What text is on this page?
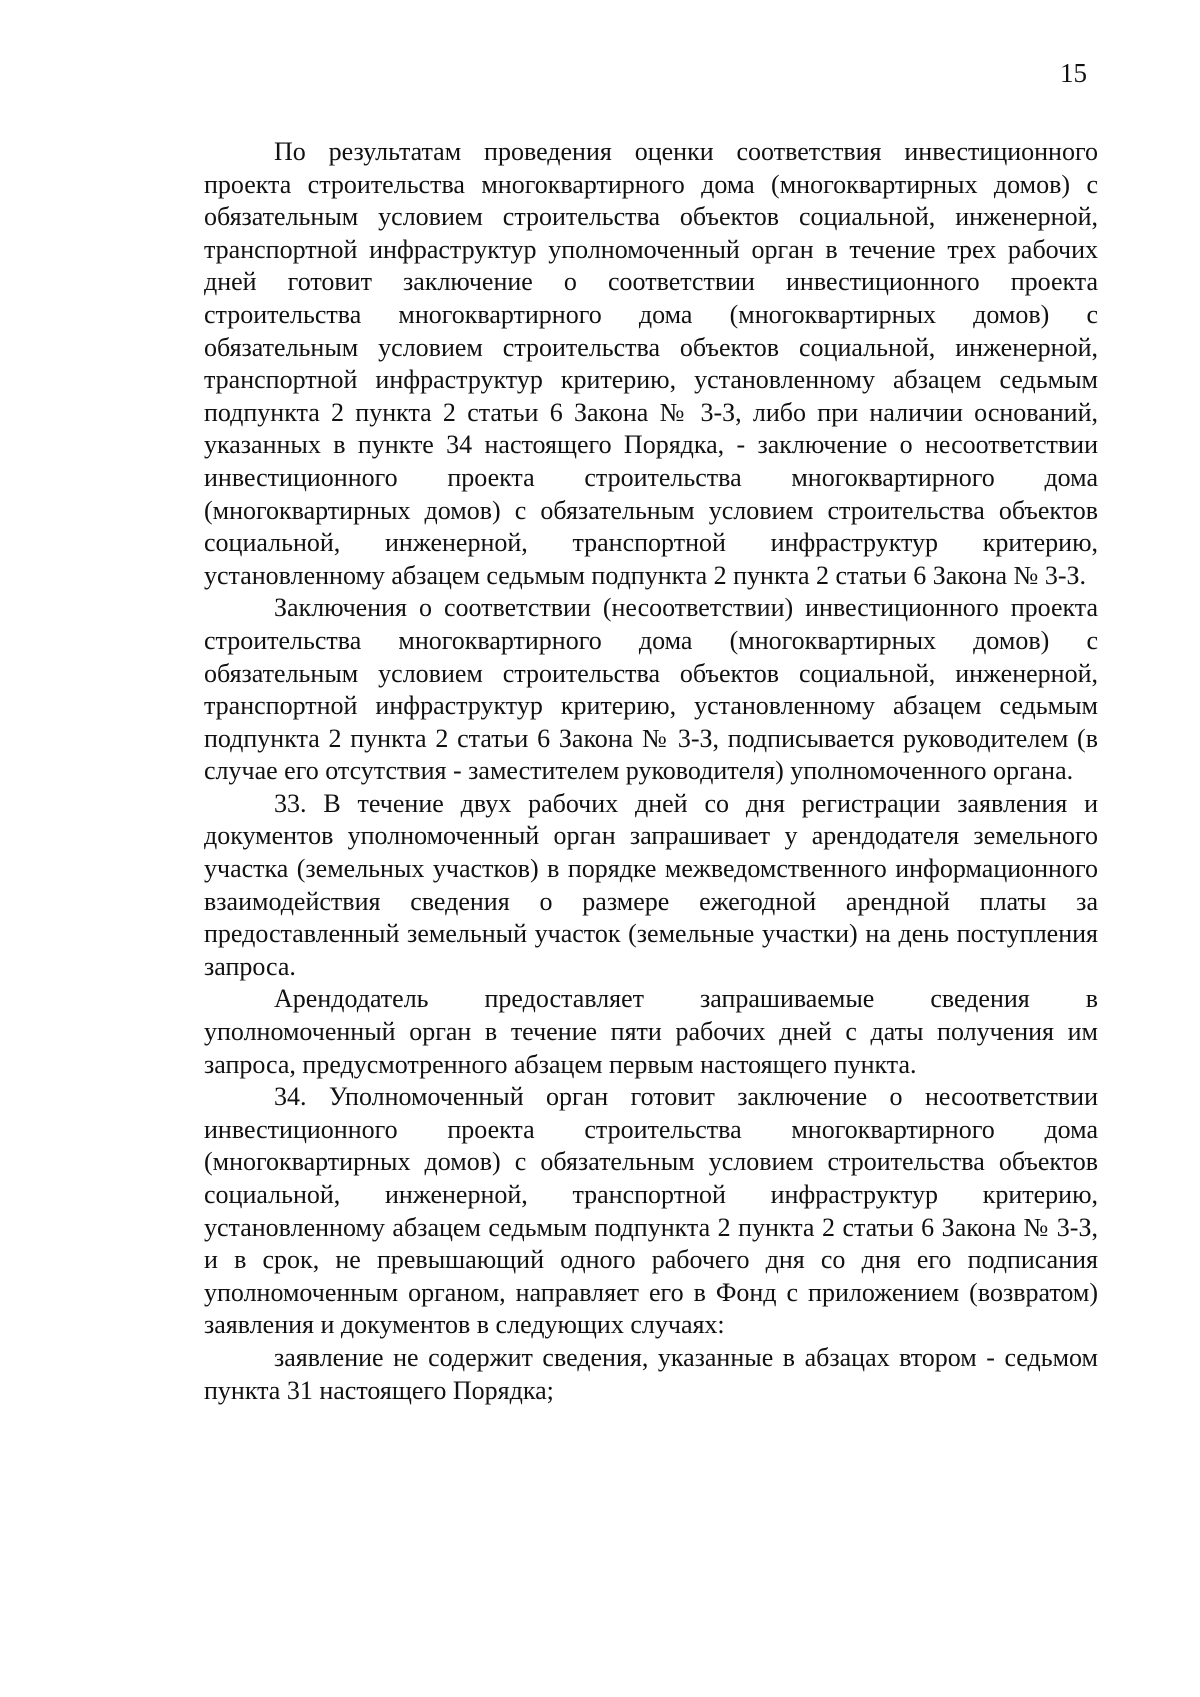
15

По результатам проведения оценки соответствия инвестиционного проекта строительства многоквартирного дома (многоквартирных домов) с обязательным условием строительства объектов социальной, инженерной, транспортной инфраструктур уполномоченный орган в течение трех рабочих дней готовит заключение о соответствии инвестиционного проекта строительства многоквартирного дома (многоквартирных домов) с обязательным условием строительства объектов социальной, инженерной, транспортной инфраструктур критерию, установленному абзацем седьмым подпункта 2 пункта 2 статьи 6 Закона № 3-З, либо при наличии оснований, указанных в пункте 34 настоящего Порядка, - заключение о несоответствии инвестиционного проекта строительства многоквартирного дома (многоквартирных домов) с обязательным условием строительства объектов социальной, инженерной, транспортной инфраструктур критерию, установленному абзацем седьмым подпункта 2 пункта 2 статьи 6 Закона № 3-З.

Заключения о соответствии (несоответствии) инвестиционного проекта строительства многоквартирного дома (многоквартирных домов) с обязательным условием строительства объектов социальной, инженерной, транспортной инфраструктур критерию, установленному абзацем седьмым подпункта 2 пункта 2 статьи 6 Закона № 3-З, подписывается руководителем (в случае его отсутствия - заместителем руководителя) уполномоченного органа.

33. В течение двух рабочих дней со дня регистрации заявления и документов уполномоченный орган запрашивает у арендодателя земельного участка (земельных участков) в порядке межведомственного информационного взаимодействия сведения о размере ежегодной арендной платы за предоставленный земельный участок (земельные участки) на день поступления запроса.

Арендодатель предоставляет запрашиваемые сведения в уполномоченный орган в течение пяти рабочих дней с даты получения им запроса, предусмотренного абзацем первым настоящего пункта.

34. Уполномоченный орган готовит заключение о несоответствии инвестиционного проекта строительства многоквартирного дома (многоквартирных домов) с обязательным условием строительства объектов социальной, инженерной, транспортной инфраструктур критерию, установленному абзацем седьмым подпункта 2 пункта 2 статьи 6 Закона № 3-З, и в срок, не превышающий одного рабочего дня со дня его подписания уполномоченным органом, направляет его в Фонд с приложением (возвратом) заявления и документов в следующих случаях:

заявление не содержит сведения, указанные в абзацах втором - седьмом пункта 31 настоящего Порядка;
